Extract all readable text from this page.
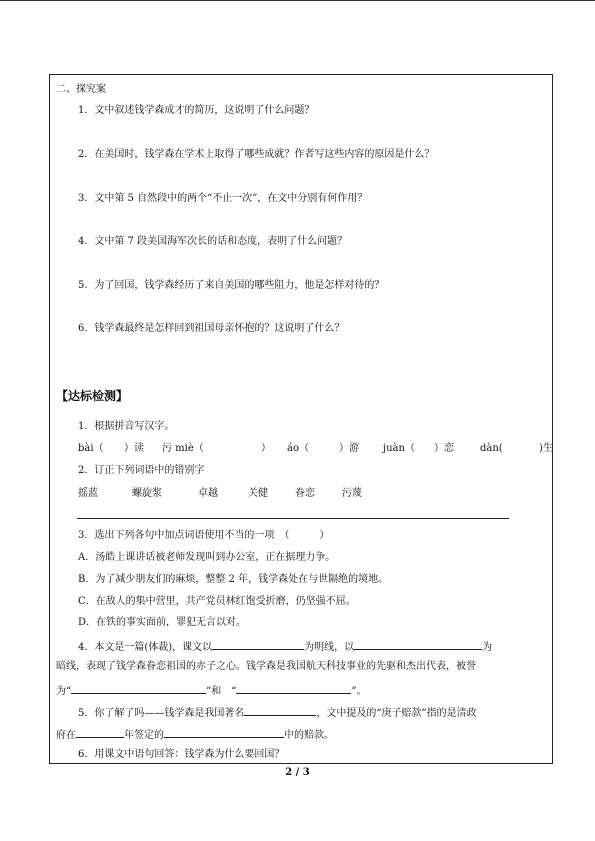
二、探究案
1．文中叙述钱学森成才的简历，这说明了什么问题？
2．在美国时，钱学森在学术上取得了哪些成就？作者写这些内容的原因是什么？
3．文中第 5 自然段中的两个“不止一次”，在文中分别有何作用？
4．文中第 7 段美国海军次长的话和态度，表明了什么问题？
5．为了回国，钱学森经历了来自美国的哪些阻力，他是怎样对待的？
6．钱学森最终是怎样回到祖国母亲怀抱的？这说明了什么？
【达标检测】
1．根据拼音写汉字。
bài（ ）读 污 miè（	） áo（	）游 juàn（ ）恋	dàn(	)生
2．订正下列词语中的错别字
摇蓝	螺旋浆	卓越	关健	眷恋	污蔑
3．选出下列各句中加点词语使用不当的一项　（　　　）
A．汤皓上课讲话被老师发现叫到办公室，正在据理力争。
B．为了减少朋友们的麻烦，整整 2 年，钱学森处在与世隔绝的境地。
C．在敌人的集中营里，共产党员林红饱受折磨，仍坚强不屈。
D．在铁的事实面前，罪犯无言以对。
4．本文是一篇(体裁)，课文以	为明线，以	为
暗线，表现了钱学森眷恋祖国的赤子之心。钱学森是我国航天科技事业的先驱和杰出代表，被誉
为“	”和　“	”。
5．你了解了吗——钱学森是我国著名	，文中提及的“庚子赔款”指的是清政
府在	年签定的	中的赔款。
6．用课文中语句回答：钱学森为什么要回国？
2 / 3
